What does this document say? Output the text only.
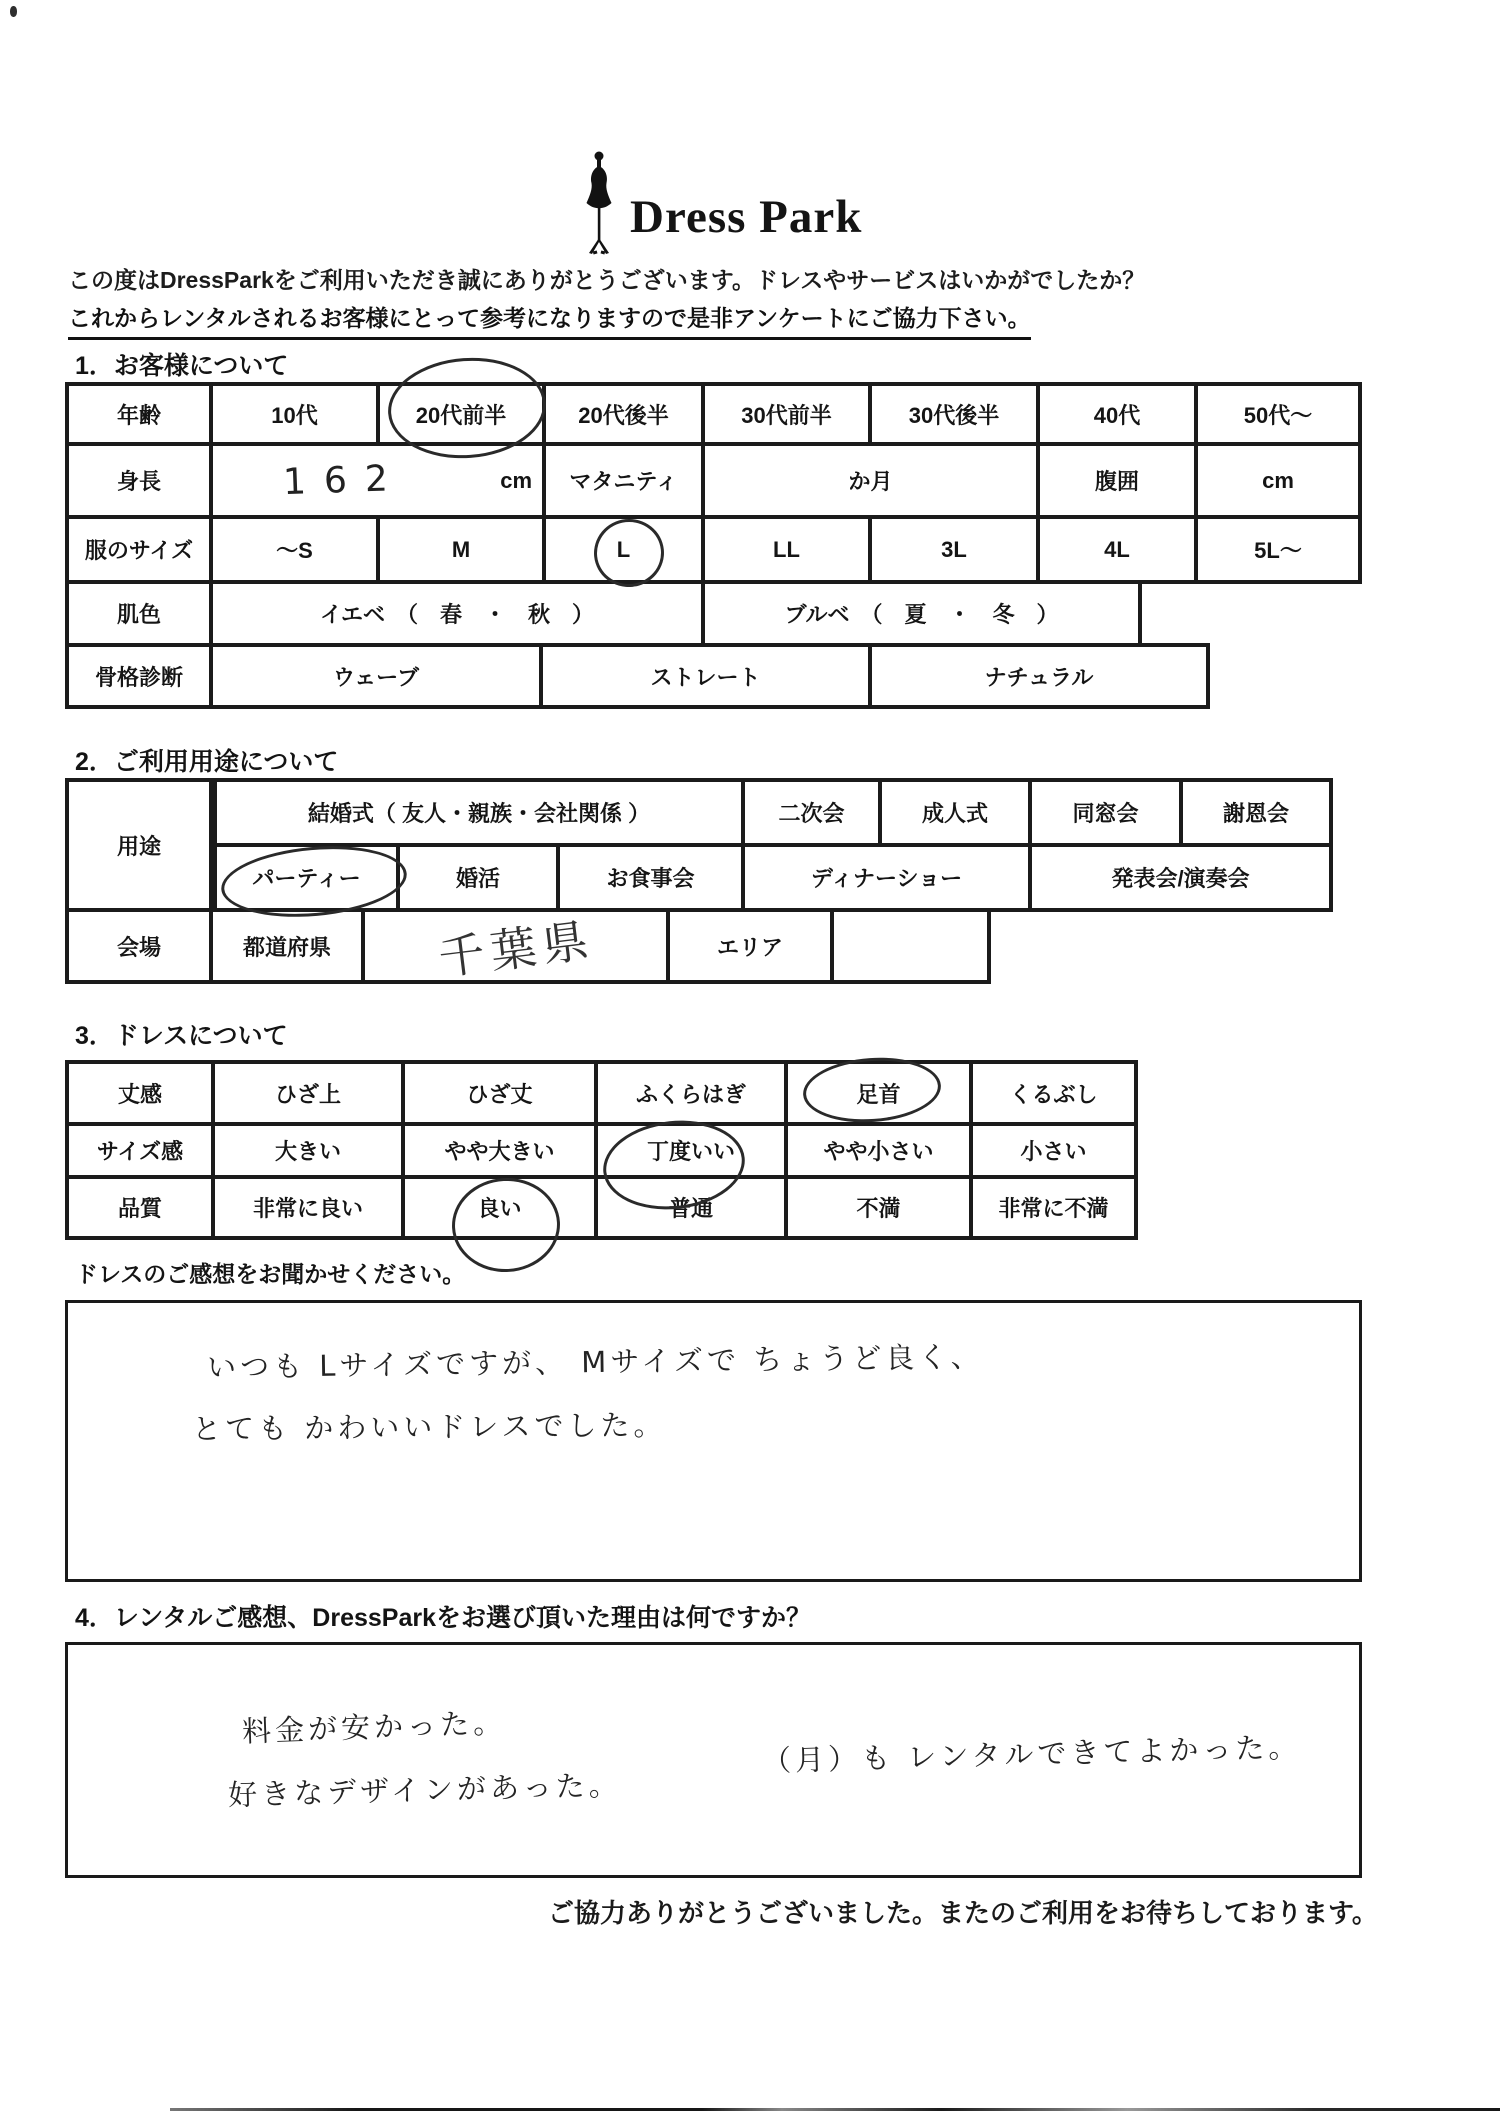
Dress Park
この度はDressParkをご利用いただき誠にありがとうございます。ドレスやサービスはいかがでしたか？
これからレンタルされるお客様にとって参考になりますので是非アンケートにご協力下さい。
1．お客様について
年齢	10代	20代前半	20代後半	30代前半	30代後半	40代	50代～
身長	162	cm	マタニティ	か月	腹囲	cm
服のサイズ	～S	M	L	LL	3L	4L	5L～
肌色	イエベ　（　春　・　秋　）	ブルベ　（　夏　・　冬　）
骨格診断	ウェーブ	ストレート	ナチュラル
2．ご利用用途について
用途
結婚式（ 友人・親族・会社関係 ）	二次会	成人式	同窓会	謝恩会
パーティー	婚活	お食事会	ディナーショー	発表会/演奏会
会場	都道府県	千葉県	エリア
3．ドレスについて
丈感	ひざ上	ひざ丈	ふくらはぎ	足首	くるぶし
サイズ感	大きい	やや大きい	丁度いい	やや小さい	小さい
品質	非常に良い	良い	普通	不満	非常に不満
ドレスのご感想をお聞かせください。
いつも Lサイズですが、 Mサイズで ちょうど良く、
とても かわいいドレスでした。
4．レンタルご感想、DressParkをお選び頂いた理由は何ですか？
料金が安かった。
好きなデザインがあった。
（月）も レンタルできてよかった。
ご協力ありがとうございました。またのご利用をお待ちしております。
